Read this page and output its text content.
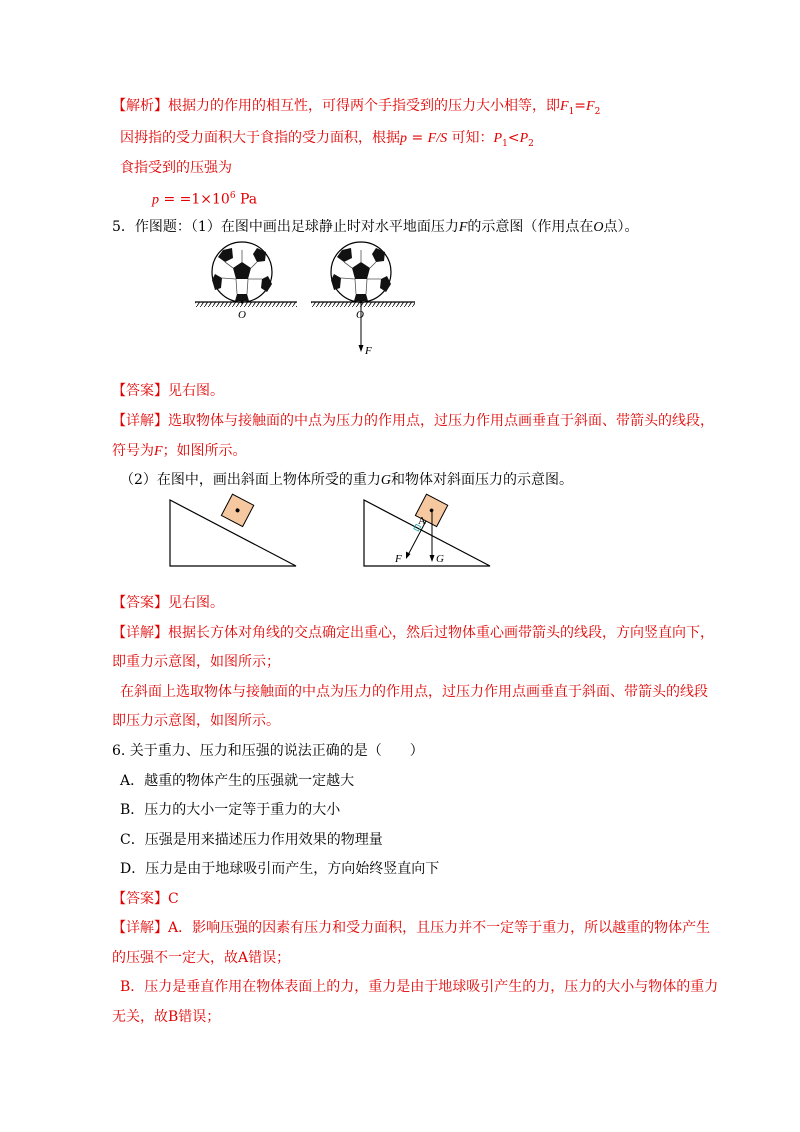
【解析】根据力的作用的相互性，可得两个手指受到的压力大小相等，即$F_1=F_2$
因拇指的受力面积大于食指的受力面积，根据p = F/S 可知：$P_1<P_2$
食指受到的压强为
$p = =1\times 10^6$ Pa
5．作图题：（1）在图中画出足球静止时对水平地面压力F的示意图（作用点在O点）。
O	O
F
【答案】见右图。
【详解】选取物体与接触面的中点为压力的作用点，过压力作用点画垂直于斜面、带箭头的线段，
符号为F；如图所示。
（2）在图中，画出斜面上物体所受的重力G和物体对斜面压力的示意图。
A
F	G
【答案】见右图。
【详解】根据长方体对角线的交点确定出重心，然后过物体重心画带箭头的线段，方向竖直向下，
即重力示意图，如图所示；
在斜面上选取物体与接触面的中点为压力的作用点，过压力作用点画垂直于斜面、带箭头的线段
即压力示意图，如图所示。
6. 关于重力、压力和压强的说法正确的是（　　）
A．越重的物体产生的压强就一定越大
B．压力的大小一定等于重力的大小
C．压强是用来描述压力作用效果的物理量
D．压力是由于地球吸引而产生，方向始终竖直向下
【答案】C
【详解】A．影响压强的因素有压力和受力面积，且压力并不一定等于重力，所以越重的物体产生
的压强不一定大，故A错误；
B．压力是垂直作用在物体表面上的力，重力是由于地球吸引产生的力，压力的大小与物体的重力
无关，故B错误；
